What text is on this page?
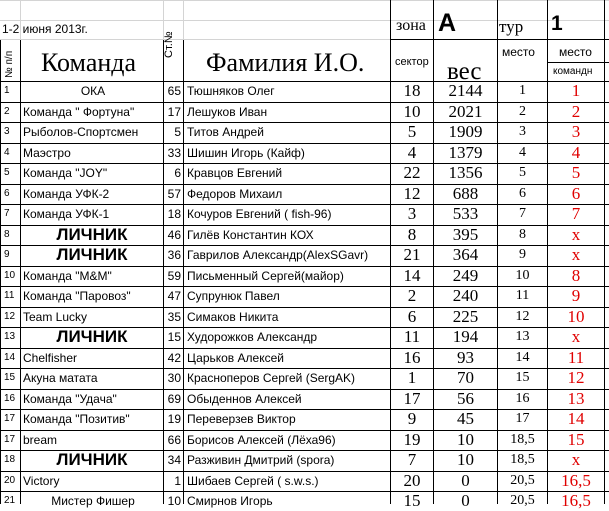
1-2 июня 2013г.	зона A	тур 1
№ п/п Команда
Ст.№
Фамилия И.О.	сектор вес
место место
командн
1	ОКА	65 Тюшняков Олег	18	2144	1	1
2	Команда " Фортуна"	17 Лешуков Иван	10	2021	2	2
3	Рыболов-Спортсмен	5 Титов Андрей	5	1909	3	3
4	Маэстро	33 Шишин Игорь (Кайф)	4	1379	4	4
5	Команда "JOY"	6 Кравцов Евгений	22	1356	5	5
6	Команда УФК-2	57 Федоров Михаил	12	688	6	6
7	Команда УФК-1	18 Кочуров Евгений ( fish-96)	3	533	7	7
8	ЛИЧНИК	46 Гилёв Константин КОХ	8	395	8	x
9	ЛИЧНИК	36 Гаврилов Александр(AlexSGavr)	21	364	9	x
10 Команда "M&M"	59 Письменный Сергей(майор)	14	249	10	8
11 Команда "Паровоз"	47 Супрунюк Павел	2	240	11	9
12 Team Lucky	35 Симаков Никита	6	225	12	10
13	ЛИЧНИК	15 Худорожков Александр	11	194	13	x
14 Chelfisher	42 Царьков Алексей	16	93	14	11
15 Акуна матата	30 Красноперов Сергей (SergAK)	1	70	15	12
16 Команда "Удача"	69 Обыденнов Алексей	17	56	16	13
17 Команда "Позитив"	19 Переверзев Виктор	9	45	17	14
17 bream	66 Борисов Алексей (Лёха96)	19	10	18,5	15
18	ЛИЧНИК	34 Разживин Дмитрий (spora)	7	10	18,5	x
20 Victory	1 Шибаев Сергей ( s.w.s.)	20	0	20,5	16,5
21	Мистер Фишер	10 Смирнов Игорь	15	0	20,5	16,5
